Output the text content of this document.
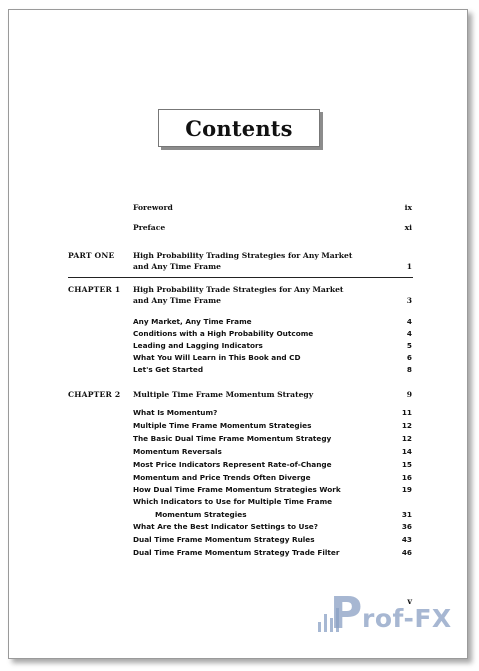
Contents
Foreword	ix
Preface	xi
PART ONE High Probability Trading Strategies for Any Market
and Any Time Frame	1
CHAPTER 1 High Probability Trade Strategies for Any Market
and Any Time Frame	3
Any Market, Any Time Frame	4
Conditions with a High Probability Outcome	4
Leading and Lagging Indicators	5
What You Will Learn in This Book and CD	6
Let's Get Started	8
CHAPTER 2 Multiple Time Frame Momentum Strategy	9
What Is Momentum?	11
Multiple Time Frame Momentum Strategies	12
The Basic Dual Time Frame Momentum Strategy	12
Momentum Reversals	14
Most Price Indicators Represent Rate-of-Change	15
Momentum and Price Trends Often Diverge	16
How Dual Time Frame Momentum Strategies Work	19
Which Indicators to Use for Multiple Time Frame
Momentum Strategies	31
What Are the Best Indicator Settings to Use?	36
Dual Time Frame Momentum Strategy Rules	43
Dual Time Frame Momentum Strategy Trade Filter	46
v
P rof-FX
